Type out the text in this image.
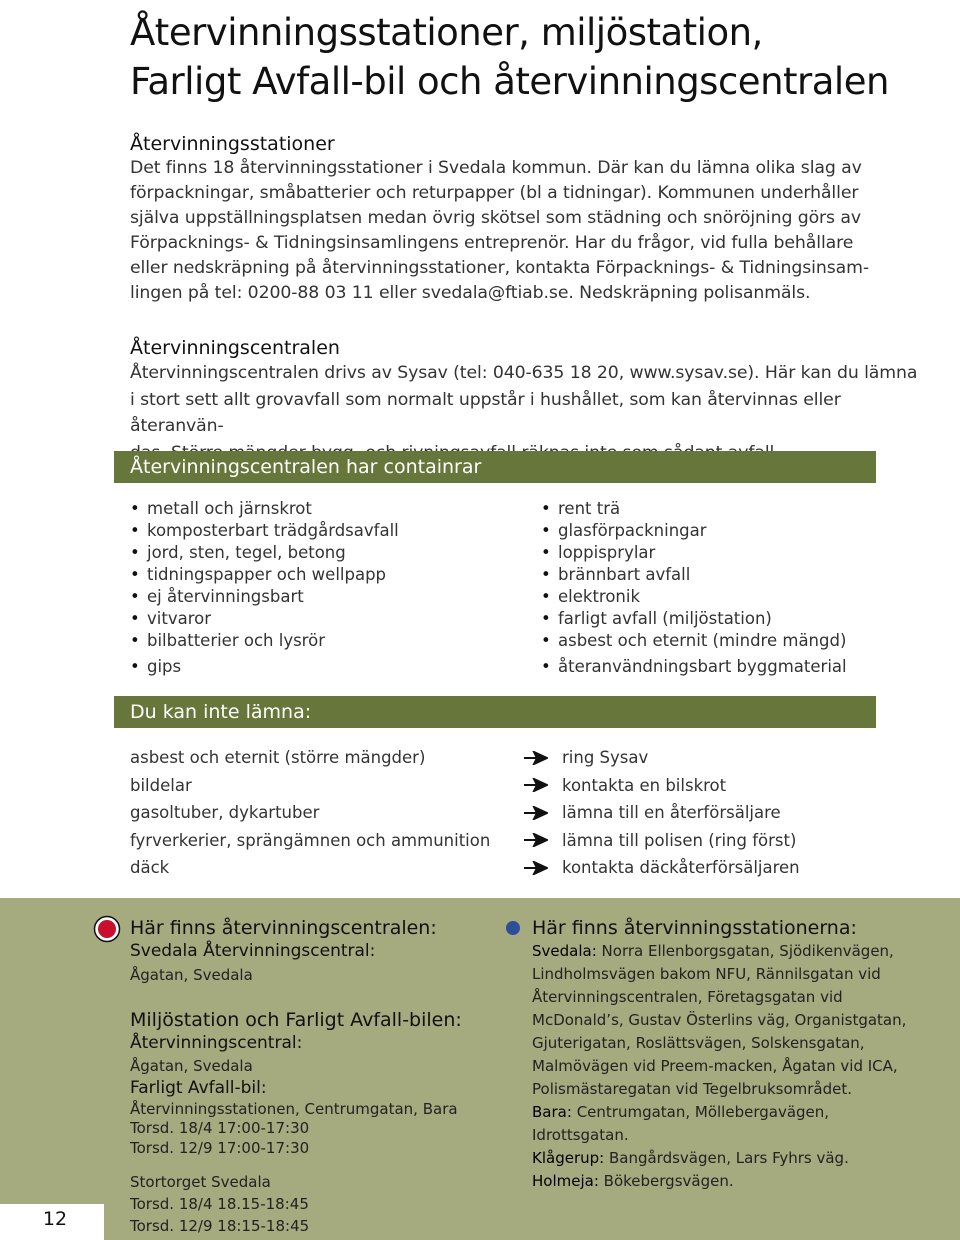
Återvinningsstationer, miljöstation,
Farligt Avfall-bil och återvinningscentralen

Återvinningsstationer

Det finns 18 återvinningsstationer i Svedala kommun. Där kan du lämna olika slag av
förpackningar, småbatterier och returpapper (bl a tidningar). Kommunen underhåller
själva uppställningsplatsen medan övrig skötsel som städning och snöröjning görs av
Förpacknings- & Tidningsinsamlingens entreprenör. Har du frågor, vid fulla behållare
eller nedskräpning på återvinningsstationer, kontakta Förpacknings- & Tidningsinsam-
lingen på tel: 0200-88 03 11 eller svedala@ftiab.se. Nedskräpning polisanmäls.

Återvinningscentralen

Återvinningscentralen drivs av Sysav (tel: 040-635 18 20, www.sysav.se). Här kan du lämna
i stort sett allt grovavfall som normalt uppstår i hushållet, som kan återvinnas eller återanvän-

Återvinningscentralen har containrar
• metall och järnskrot
• komposterbart trädgårdsavfall
• jord, sten, tegel, betong
• tidningspapper och wellpapp
• ej återvinningsbart
• vitvaror
• bilbatterier och lysrör
• gips
• rent trä
• glasförpackningar
• loppisprylar
• brännbart avfall
• elektronik
• farligt avfall (miljöstation)
• asbest och eternit (mindre mängd)
• återanvändningsbart byggmaterial
Du kan inte lämna:
asbest och eternit (större mängder)
bildelar
gasoltuber, dykartuber
fyrverkerier, sprängämnen och ammunition
däck
ring Sysav
kontakta en bilskrot
lämna till en återförsäljare
lämna till polisen (ring först)
kontakta däckåterförsäljaren
12

Här finns återvinningscentralen:

Svedala Återvinningscentral:

Ågatan, Svedala

Miljöstation och Farligt Avfall-bilen:

Återvinningscentral:

Ågatan, Svedala

Farligt Avfall-bil:

Återvinningsstationen, Centrumgatan, Bara
Torsd. 18/4 17:00-17:30
Torsd. 12/9 17:00-17:30

Stortorget Svedala
Torsd. 18/4 18.15-18:45
Torsd. 12/9 18:15-18:45

Här finns återvinningsstationerna:

Svedala: Norra Ellenborgsgatan, Sjödikenvägen,
Lindholmsvägen bakom NFU, Rännilsgatan vid
Återvinningscentralen, Företagsgatan vid
McDonald’s, Gustav Österlins väg, Organistgatan,
Gjuterigatan, Roslättsvägen, Solskensgatan,
Malmövägen vid Preem-macken, Ågatan vid ICA,
Polismästaregatan vid Tegelbruksområdet.

Bara: Centrumgatan, Möllebergavägen,
Idrottsgatan.

Klågerup: Bangårdsvägen, Lars Fyhrs väg.

Holmeja: Bökebergsvägen.
